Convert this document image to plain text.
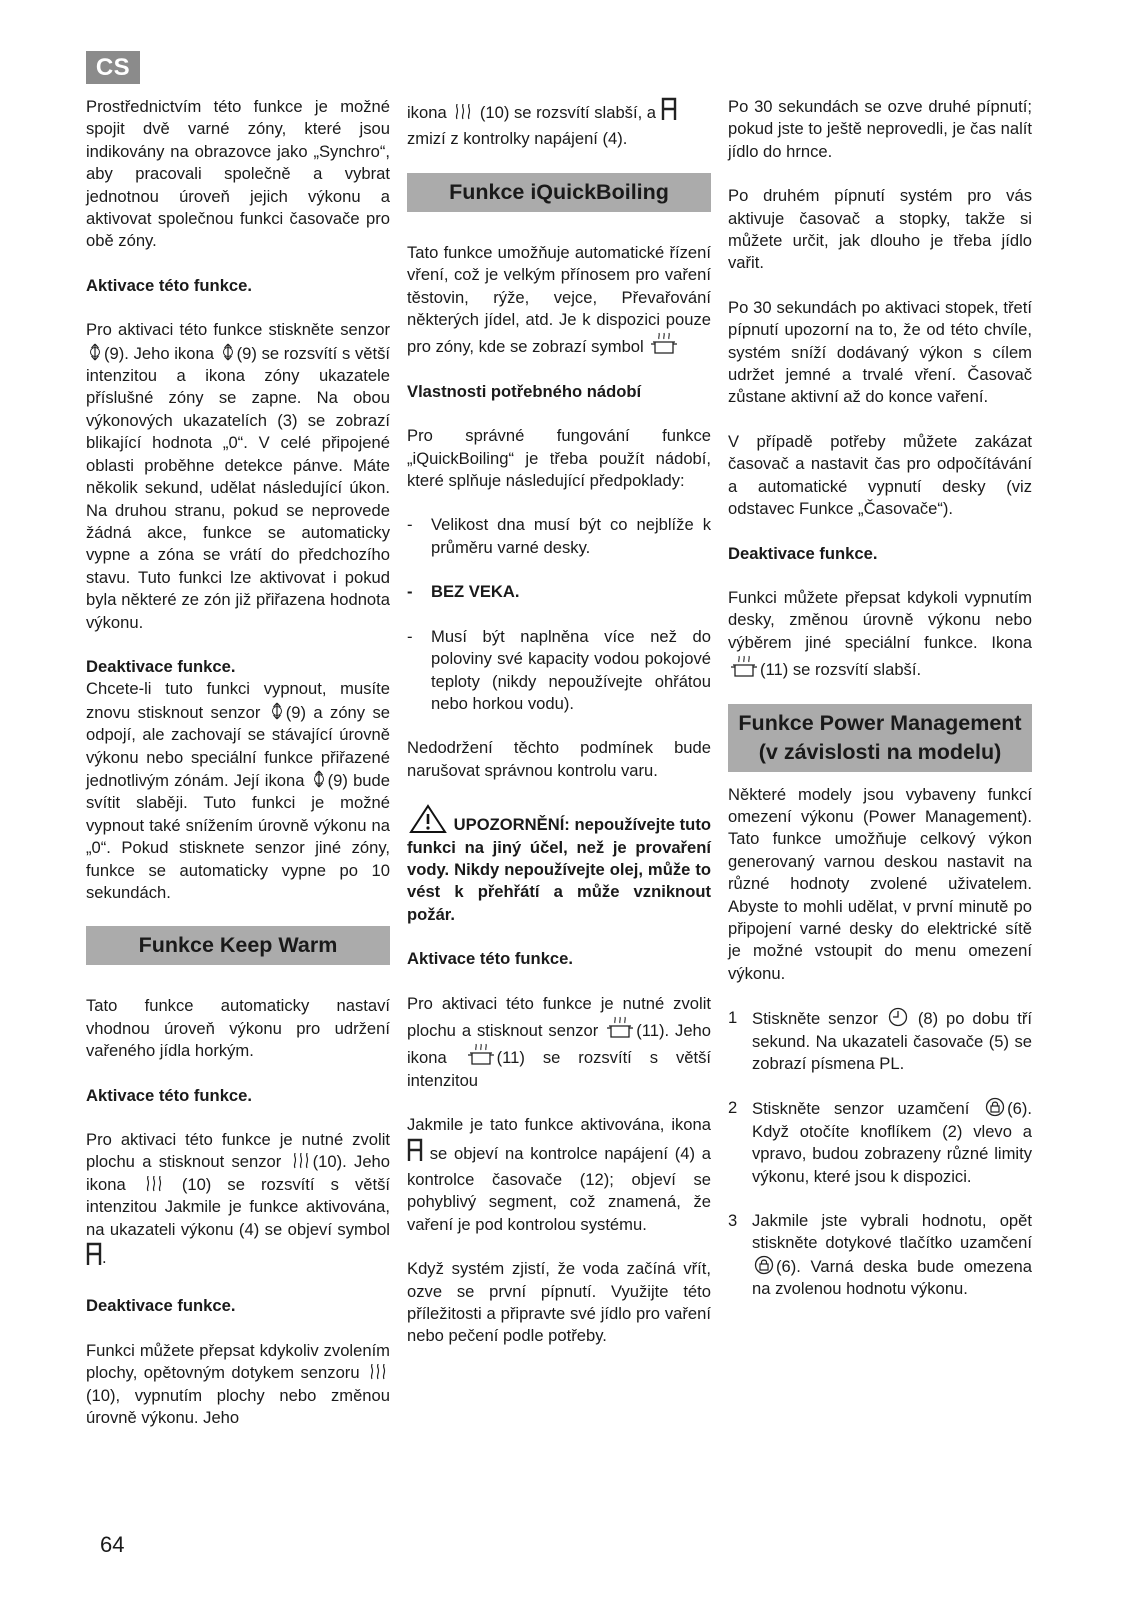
CS
Prostřednictvím této funkce je možné spojit dvě varné zóny, které jsou indikovány na obrazovce jako „Synchro“, aby pracovali společně a vybrat jednotnou úroveň jejich výkonu a aktivovat společnou funkci časovače pro obě zóny.
Aktivace této funkce.
Pro aktivaci této funkce stiskněte senzor
(9). Jeho ikona
(9) se rozsvítí s větší intenzitou a ikona zóny ukazatele příslušné zóny se zapne. Na obou výkonových ukazatelích (3) se zobrazí blikající hodnota „0“. V celé připojené oblasti proběhne detekce pánve. Máte několik sekund, udělat následující úkon. Na druhou stranu, pokud se neprovede žádná akce, funkce se automaticky vypne a zóna se vrátí do předchozího stavu. Tuto funkci lze aktivovat i pokud byla některé ze zón již přiřazena hodnota výkonu.
Deaktivace funkce.
Chcete-li tuto funkci vypnout, musíte znovu stisknout senzor
(9) a zóny se odpojí, ale zachovají se stávající úrovně výkonu nebo speciální funkce přiřazené jednotlivým zónám. Její ikona
(9) bude svítit slaběji. Tuto funkci je možné vypnout také snížením úrovně výkonu na „0“. Pokud stisknete senzor jiné zóny, funkce se automaticky vypne po 10 sekundách.
Funkce Keep Warm
Tato funkce automaticky nastaví vhodnou úroveň výkonu pro udržení vařeného jídla horkým.
Aktivace této funkce.
Pro aktivaci této funkce je nutné zvolit plochu a stisknout senzor
(10). Jeho ikona
(10) se rozsvítí s větší intenzitou Jakmile je funkce aktivována, na ukazateli výkonu (4) se objeví symbol .
Deaktivace funkce.
Funkci můžete přepsat kdykoliv zvolením plochy, opětovným dotykem senzoru
(10), vypnutím plochy nebo změnou úrovně výkonu. Jeho
ikona
(10) se rozsvítí slabší, a  zmizí z kontrolky napájení (4).
Funkce iQuickBoiling
Tato funkce umožňuje automatické řízení vření, což je velkým přínosem pro vaření těstovin, rýže, vejce, Převařování některých jídel, atd. Je k dispozici pouze pro zóny, kde se zobrazí symbol
Vlastnosti potřebného nádobí
Pro správné fungování funkce „iQuickBoiling“ je třeba použít nádobí, které splňuje následující předpoklady:
-	Velikost dna musí být co nejblíže k průměru varné desky.
-	BEZ VEKA.
-	Musí být naplněna více než do poloviny své kapacity vodou pokojové teploty (nikdy nepoužívejte ohřátou nebo horkou vodu).
Nedodržení těchto podmínek bude narušovat správnou kontrolu varu.
UPOZORNĚNÍ: nepoužívejte tuto funkci na jiný účel, než je provaření vody. Nikdy nepoužívejte olej, může to vést k přehřátí a může vzniknout požár.
Aktivace této funkce.
Pro aktivaci této funkce je nutné zvolit plochu a stisknout senzor
(11). Jeho ikona
(11) se rozsvítí s větší intenzitou
Jakmile je tato funkce aktivována, ikona  se objeví na kontrolce napájení (4) a kontrolce časovače (12); objeví se pohyblivý segment, což znamená, že vaření je pod kontrolou systému.
Když systém zjistí, že voda začíná vřít, ozve se první pípnutí. Využijte této příležitosti a připravte své jídlo pro vaření nebo pečení podle potřeby.
Po 30 sekundách se ozve druhé pípnutí; pokud jste to ještě neprovedli, je čas nalít jídlo do hrnce.
Po druhém pípnutí systém pro vás aktivuje časovač a stopky, takže si můžete určit, jak dlouho je třeba jídlo vařit.
Po 30 sekundách po aktivaci stopek, třetí pípnutí upozorní na to, že od této chvíle, systém sníží dodávaný výkon s cílem udržet jemné a trvalé vření. Časovač zůstane aktivní až do konce vaření.
V případě potřeby můžete zakázat časovač a nastavit čas pro odpočítávání a automatické vypnutí desky (viz odstavec Funkce „Časovače“).
Deaktivace funkce.
Funkci můžete přepsat kdykoli vypnutím desky, změnou úrovně výkonu nebo výběrem jiné speciální funkce. Ikona
(11) se rozsvítí slabší.
Funkce Power Management (v závislosti na modelu)
Některé modely jsou vybaveny funkcí omezení výkonu (Power Management). Tato funkce umožňuje celkový výkon generovaný varnou deskou nastavit na různé hodnoty zvolené uživatelem. Abyste to mohli udělat, v první minutě po připojení varné desky do elektrické sítě je možné vstoupit do menu omezení výkonu.
1 Stiskněte senzor
(8) po dobu tří sekund. Na ukazateli časovače (5) se zobrazí písmena PL.
2 Stiskněte senzor uzamčení
(6). Když otočíte knoflíkem (2) vlevo a vpravo, budou zobrazeny různé limity výkonu, které jsou k dispozici.
3 Jakmile jste vybrali hodnotu, opět stiskněte dotykové tlačítko uzamčení
(6). Varná deska bude omezena na zvolenou hodnotu výkonu.
64
